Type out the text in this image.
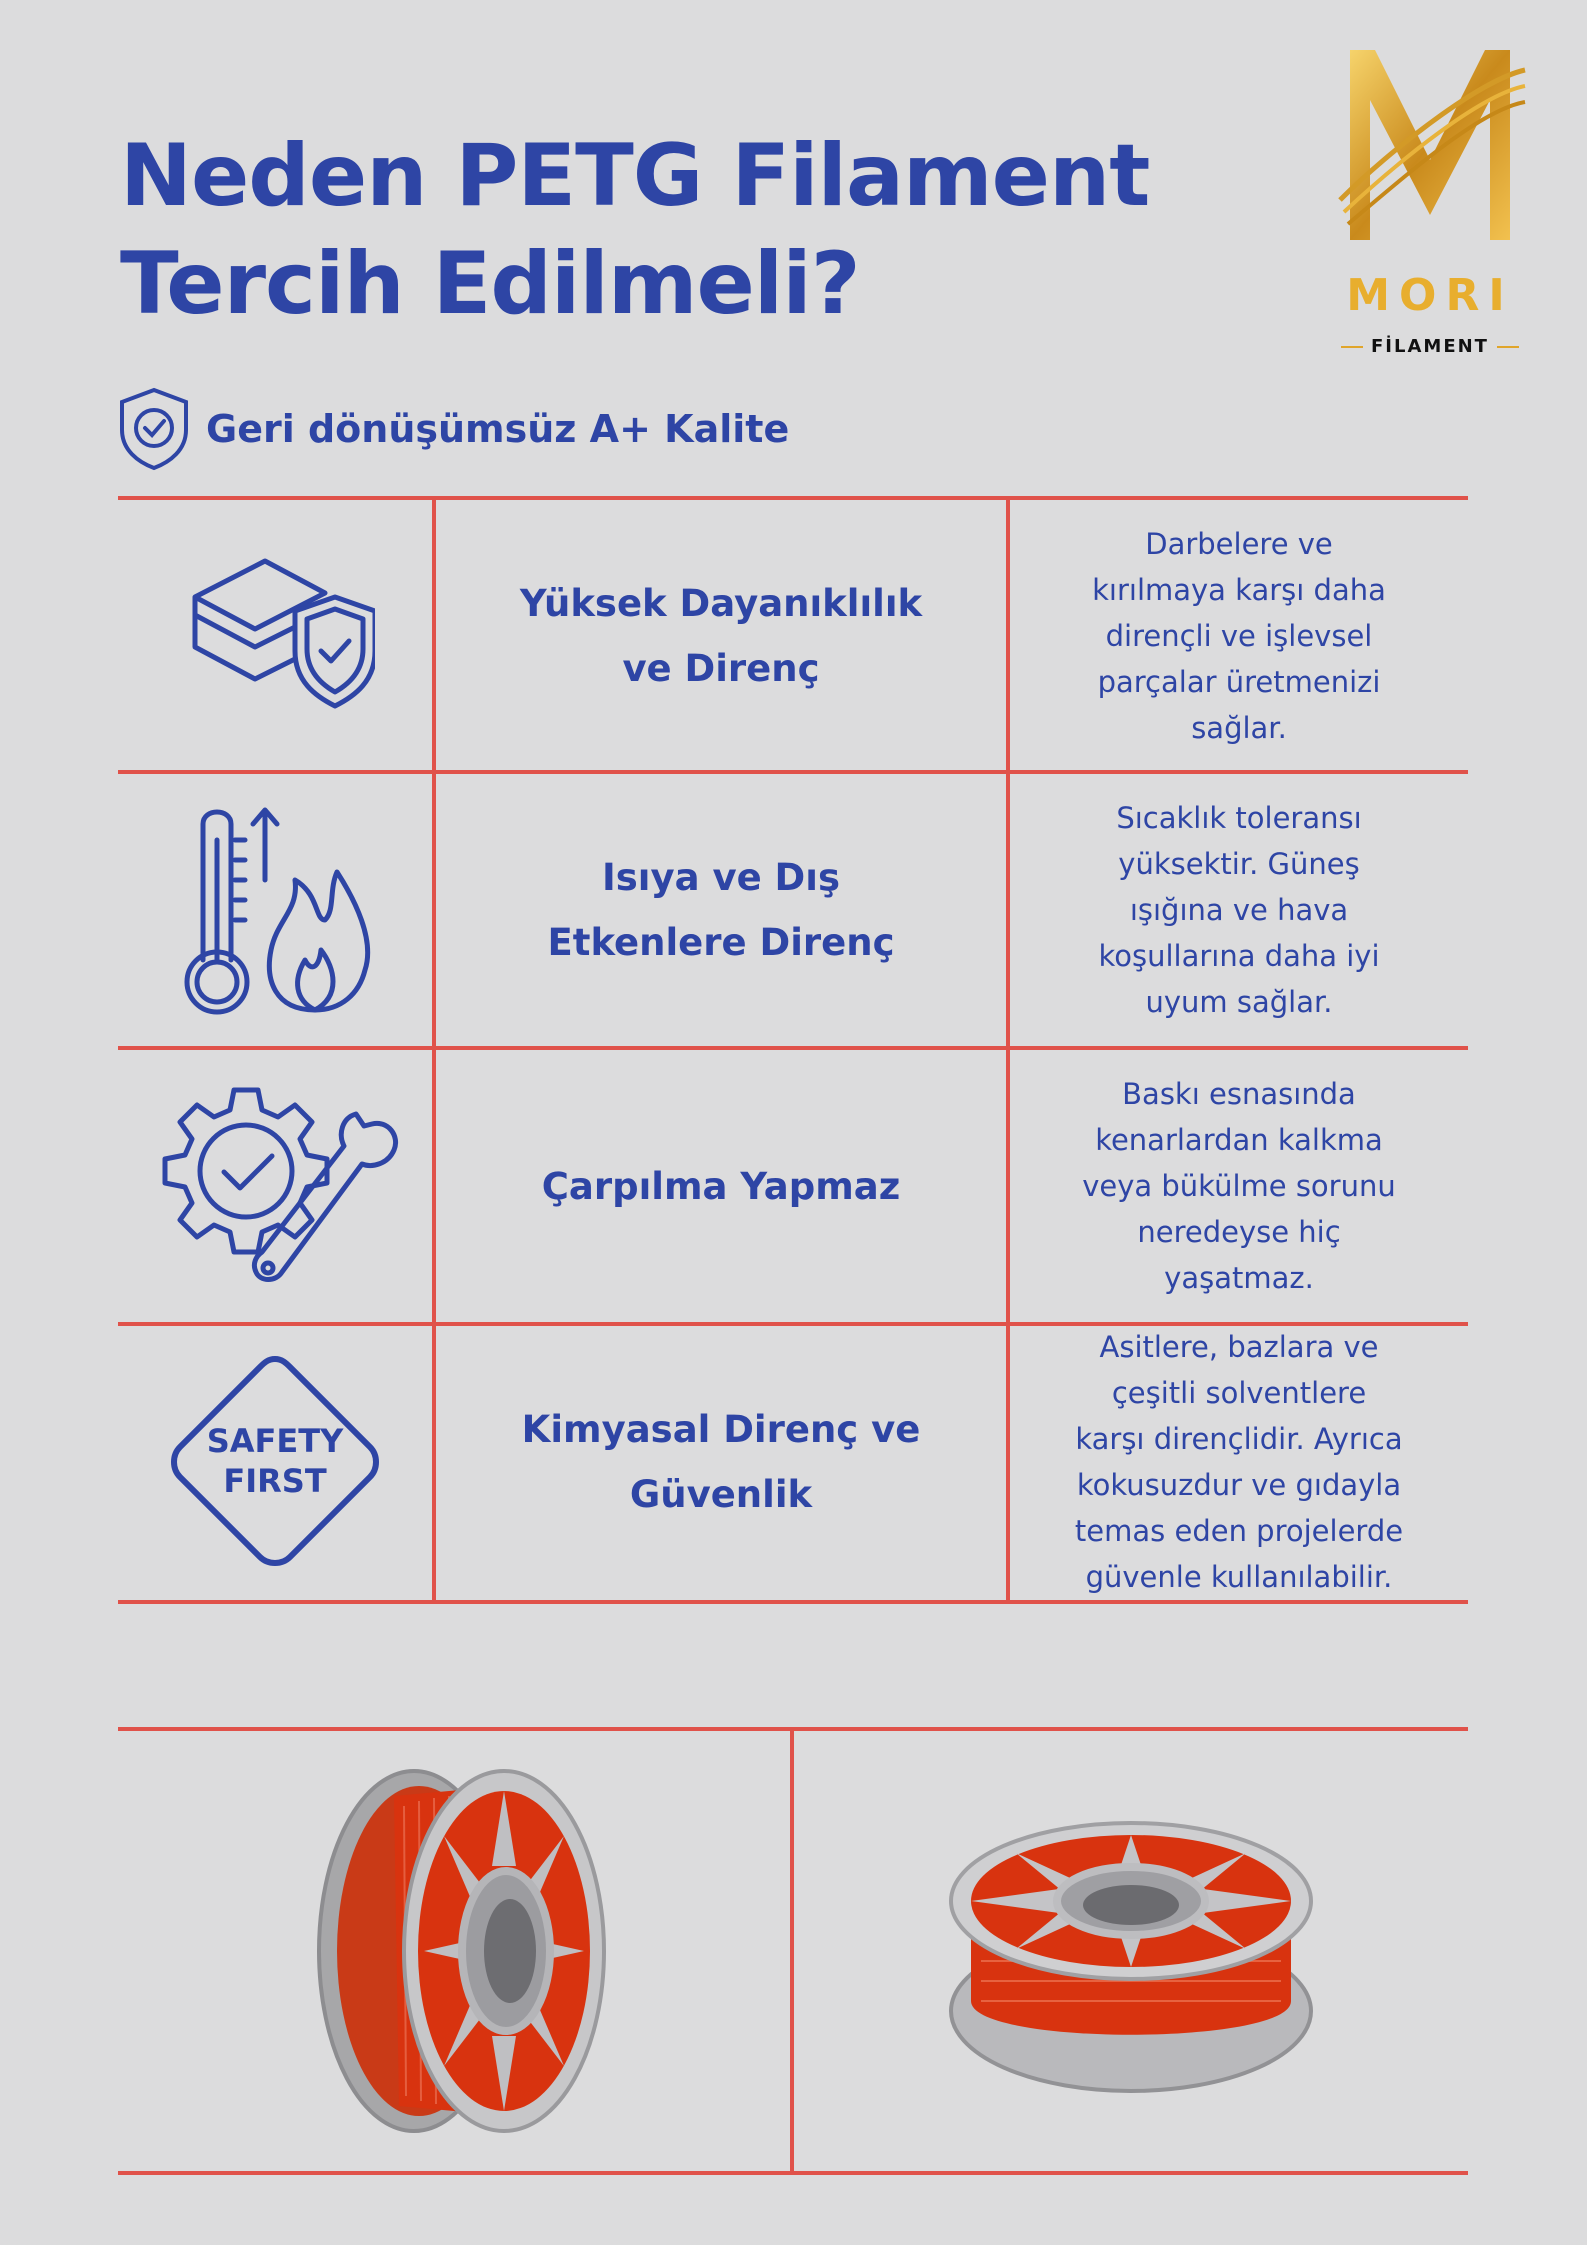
Neden PETG Filament
Tercih Edilmeli?	MORI
FİLAMENT
Geri dönüşümsüz A+ Kalite
Yüksek Dayanıklılık ve Direnç
Darbelere ve kırılmaya karşı daha dirençli ve işlevsel parçalar üretmenizi sağlar.
Isıya ve Dış Etkenlere Direnç
Sıcaklık toleransı yüksektir. Güneş ışığına ve hava koşullarına daha iyi uyum sağlar.
Çarpılma Yapmaz
Baskı esnasında kenarlardan kalkma veya bükülme sorunu neredeyse hiç yaşatmaz.
SAFETY
FIRST
Kimyasal Direnç ve Güvenlik
Asitlere, bazlara ve çeşitli solventlere karşı dirençlidir. Ayrıca kokusuzdur ve gıdayla temas eden projelerde güvenle kullanılabilir.
